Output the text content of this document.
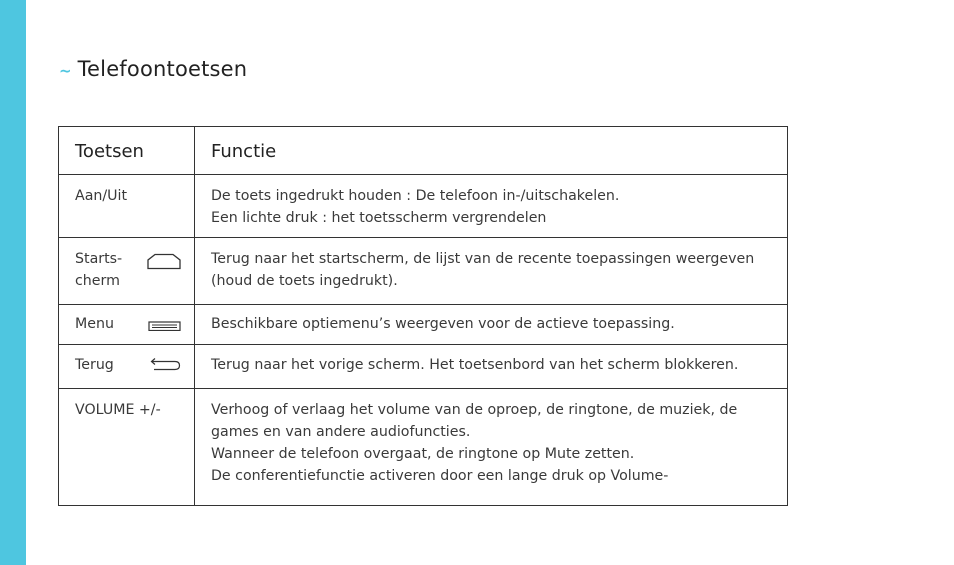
~ Telefoontoetsen
Toetsen	Functie
Aan/Uit	De toets ingedrukt houden : De telefoon in-/uitschakelen.
Een lichte druk : het toetsscherm vergrendelen

Starts-
cherm	Terug naar het startscherm, de lijst van de recente toepassingen weergeven
(houd de toets ingedrukt).

Menu	Beschikbare optiemenu’s weergeven voor de actieve toepassing.

Terug	Terug naar het vorige scherm. Het toetsenbord van het scherm blokkeren.

VOLUME +/-	Verhoog of verlaag het volume van de oproep, de ringtone, de muziek, de
games en van andere audiofuncties.
Wanneer de telefoon overgaat, de ringtone op Mute zetten.
De conferentiefunctie activeren door een lange druk op Volume-
